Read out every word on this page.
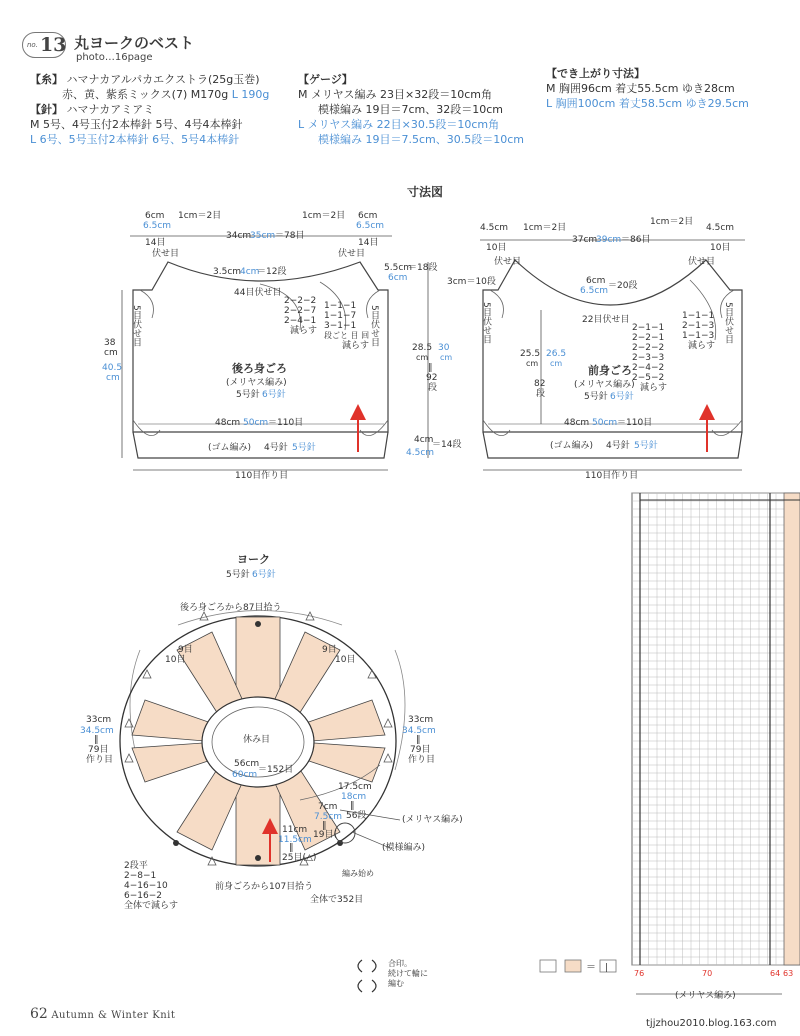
no. 13 丸ヨークのベスト
photo…16page
【糸】 ハマナカアルパカエクストラ(25g玉巻)
赤、黄、紫系ミックス(7) M170g L 190g
【針】 ハマナカアミアミ
M 5号、4号玉付2本棒針 5号、4号4本棒針
L 6号、5号玉付2本棒針 6号、5号4本棒針
【ゲージ】
M メリヤス編み 23目×32段＝10cm角
模様編み 19目＝7cm、32段＝10cm
L メリヤス編み 22目×30.5段＝10cm角
模様編み 19目＝7.5cm、30.5段＝10cm
【でき上がり寸法】
M 胸囲96cm 着丈55.5cm ゆき28cm
L 胸囲100cm 着丈58.5cm ゆき29.5cm
寸法図
6cm
6.5cm
14目
1cm＝2目	1cm＝2目 6cm
6.5cm
14目
34cm
35cm ＝78目
伏せ目	伏せ目
3.5cm
4cm
＝12段
44目伏せ目
2−2−2
2−2−7
2−4−1
減らす
1−1−1
1−1−7
3−1−1
段ごと 目 回
減らす
5目伏せ目	5目伏せ目
38
cm
40.5
cm
後ろ身ごろ
(メリヤス編み)
5号針 6号針
48cm 50cm ＝110目
(ゴム編み) 4号針 5号針
110目作り目
5.5cm
＝18段
6cm
28.5 30
cm cm
‖
92
段
4cm
＝14段
4.5cm
4.5cm
10目
1cm＝2目
1cm＝2目
4.5cm
10目
37cm
39cm ＝86目
3cm＝10段
伏せ目	伏せ目
6cm ＝20段
6.5cm
22目伏せ目
2−1−1
2−2−1
2−2−2
2−3−3
2−4−2
2−5−2
減らす
1−1−1
2−1−3
1−1−3
減らす
5目伏せ目	5目伏せ目
25.5 26.5
cm cm
82
段
前身ごろ
(メリヤス編み)
5号針 6号針
48cm 50cm ＝110目
(ゴム編み) 4号針 5号針
110目作り目
ヨーク
5号針 6号針
後ろ身ごろから87目拾う
9目
10目
9目
10目
33cm
34.5cm
‖
79目
作り目
33cm
34.5cm
‖
79目
作り目
休み目
56cm
60cm ＝152目
17.5cm
18cm
‖
56段
7cm
7.5cm
‖
19目(
11cm
11.5cm
‖
25目(△)
(メリヤス編み)
(模様編み)
編み始め
2段平
2−8−1
4−16−10
6−16−2
全体で減らす
前身ごろから107目拾う
全体で352目
合印。
続けて輪に
編む
＝ |
76	70	64 63
(メリヤス編み)
62 Autumn & Winter Knit
tjjzhou2010.blog.163.com
